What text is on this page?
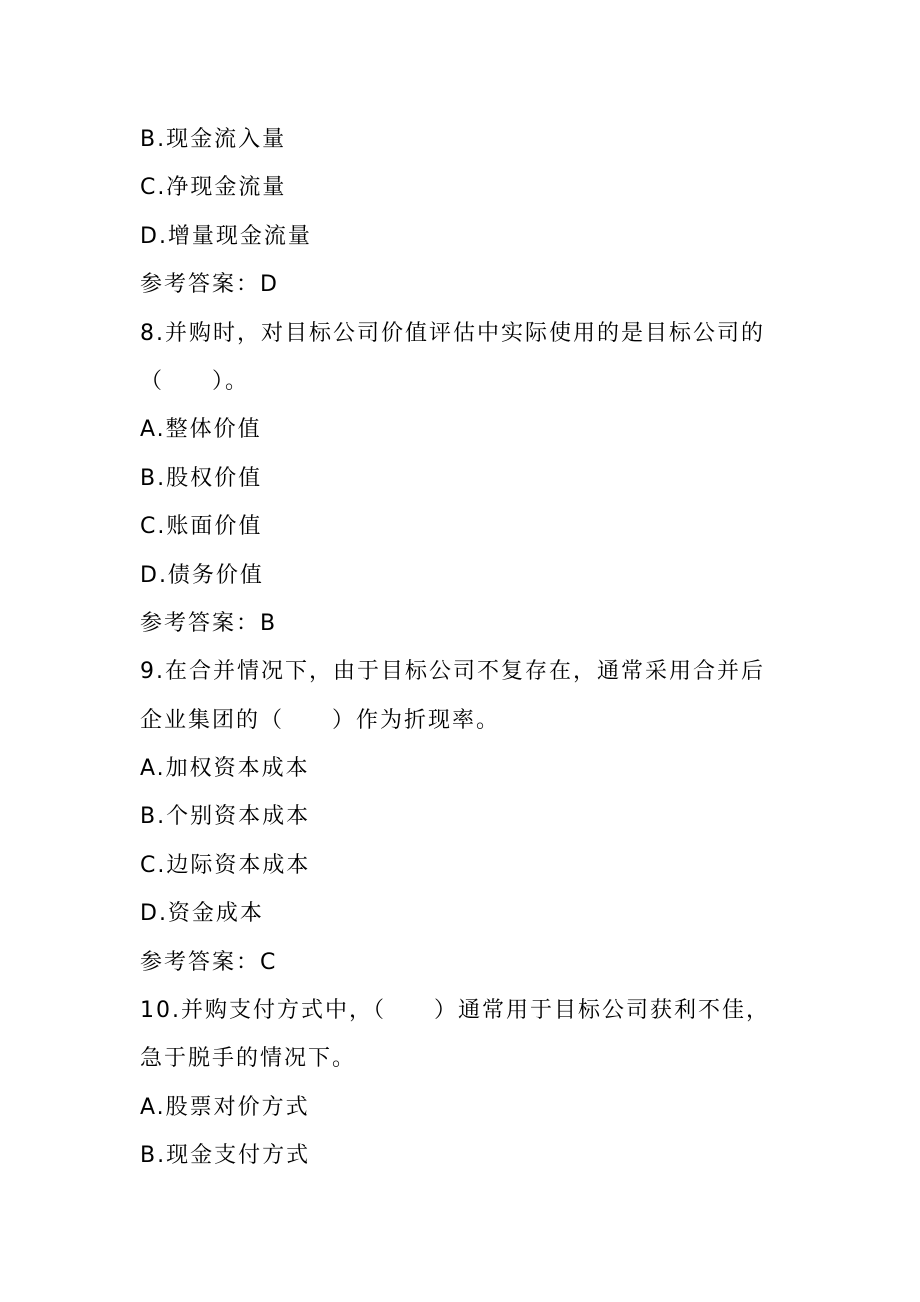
B.现金流入量
C.净现金流量
D.增量现金流量
参考答案：D
8.并购时，对目标公司价值评估中实际使用的是目标公司的
（　　）。
A.整体价值
B.股权价值
C.账面价值
D.债务价值
参考答案：B
9.在合并情况下，由于目标公司不复存在，通常采用合并后
企业集团的（　　）作为折现率。
A.加权资本成本
B.个别资本成本
C.边际资本成本
D.资金成本
参考答案：C
10.并购支付方式中，（　　）通常用于目标公司获利不佳，
急于脱手的情况下。
A.股票对价方式
B.现金支付方式
